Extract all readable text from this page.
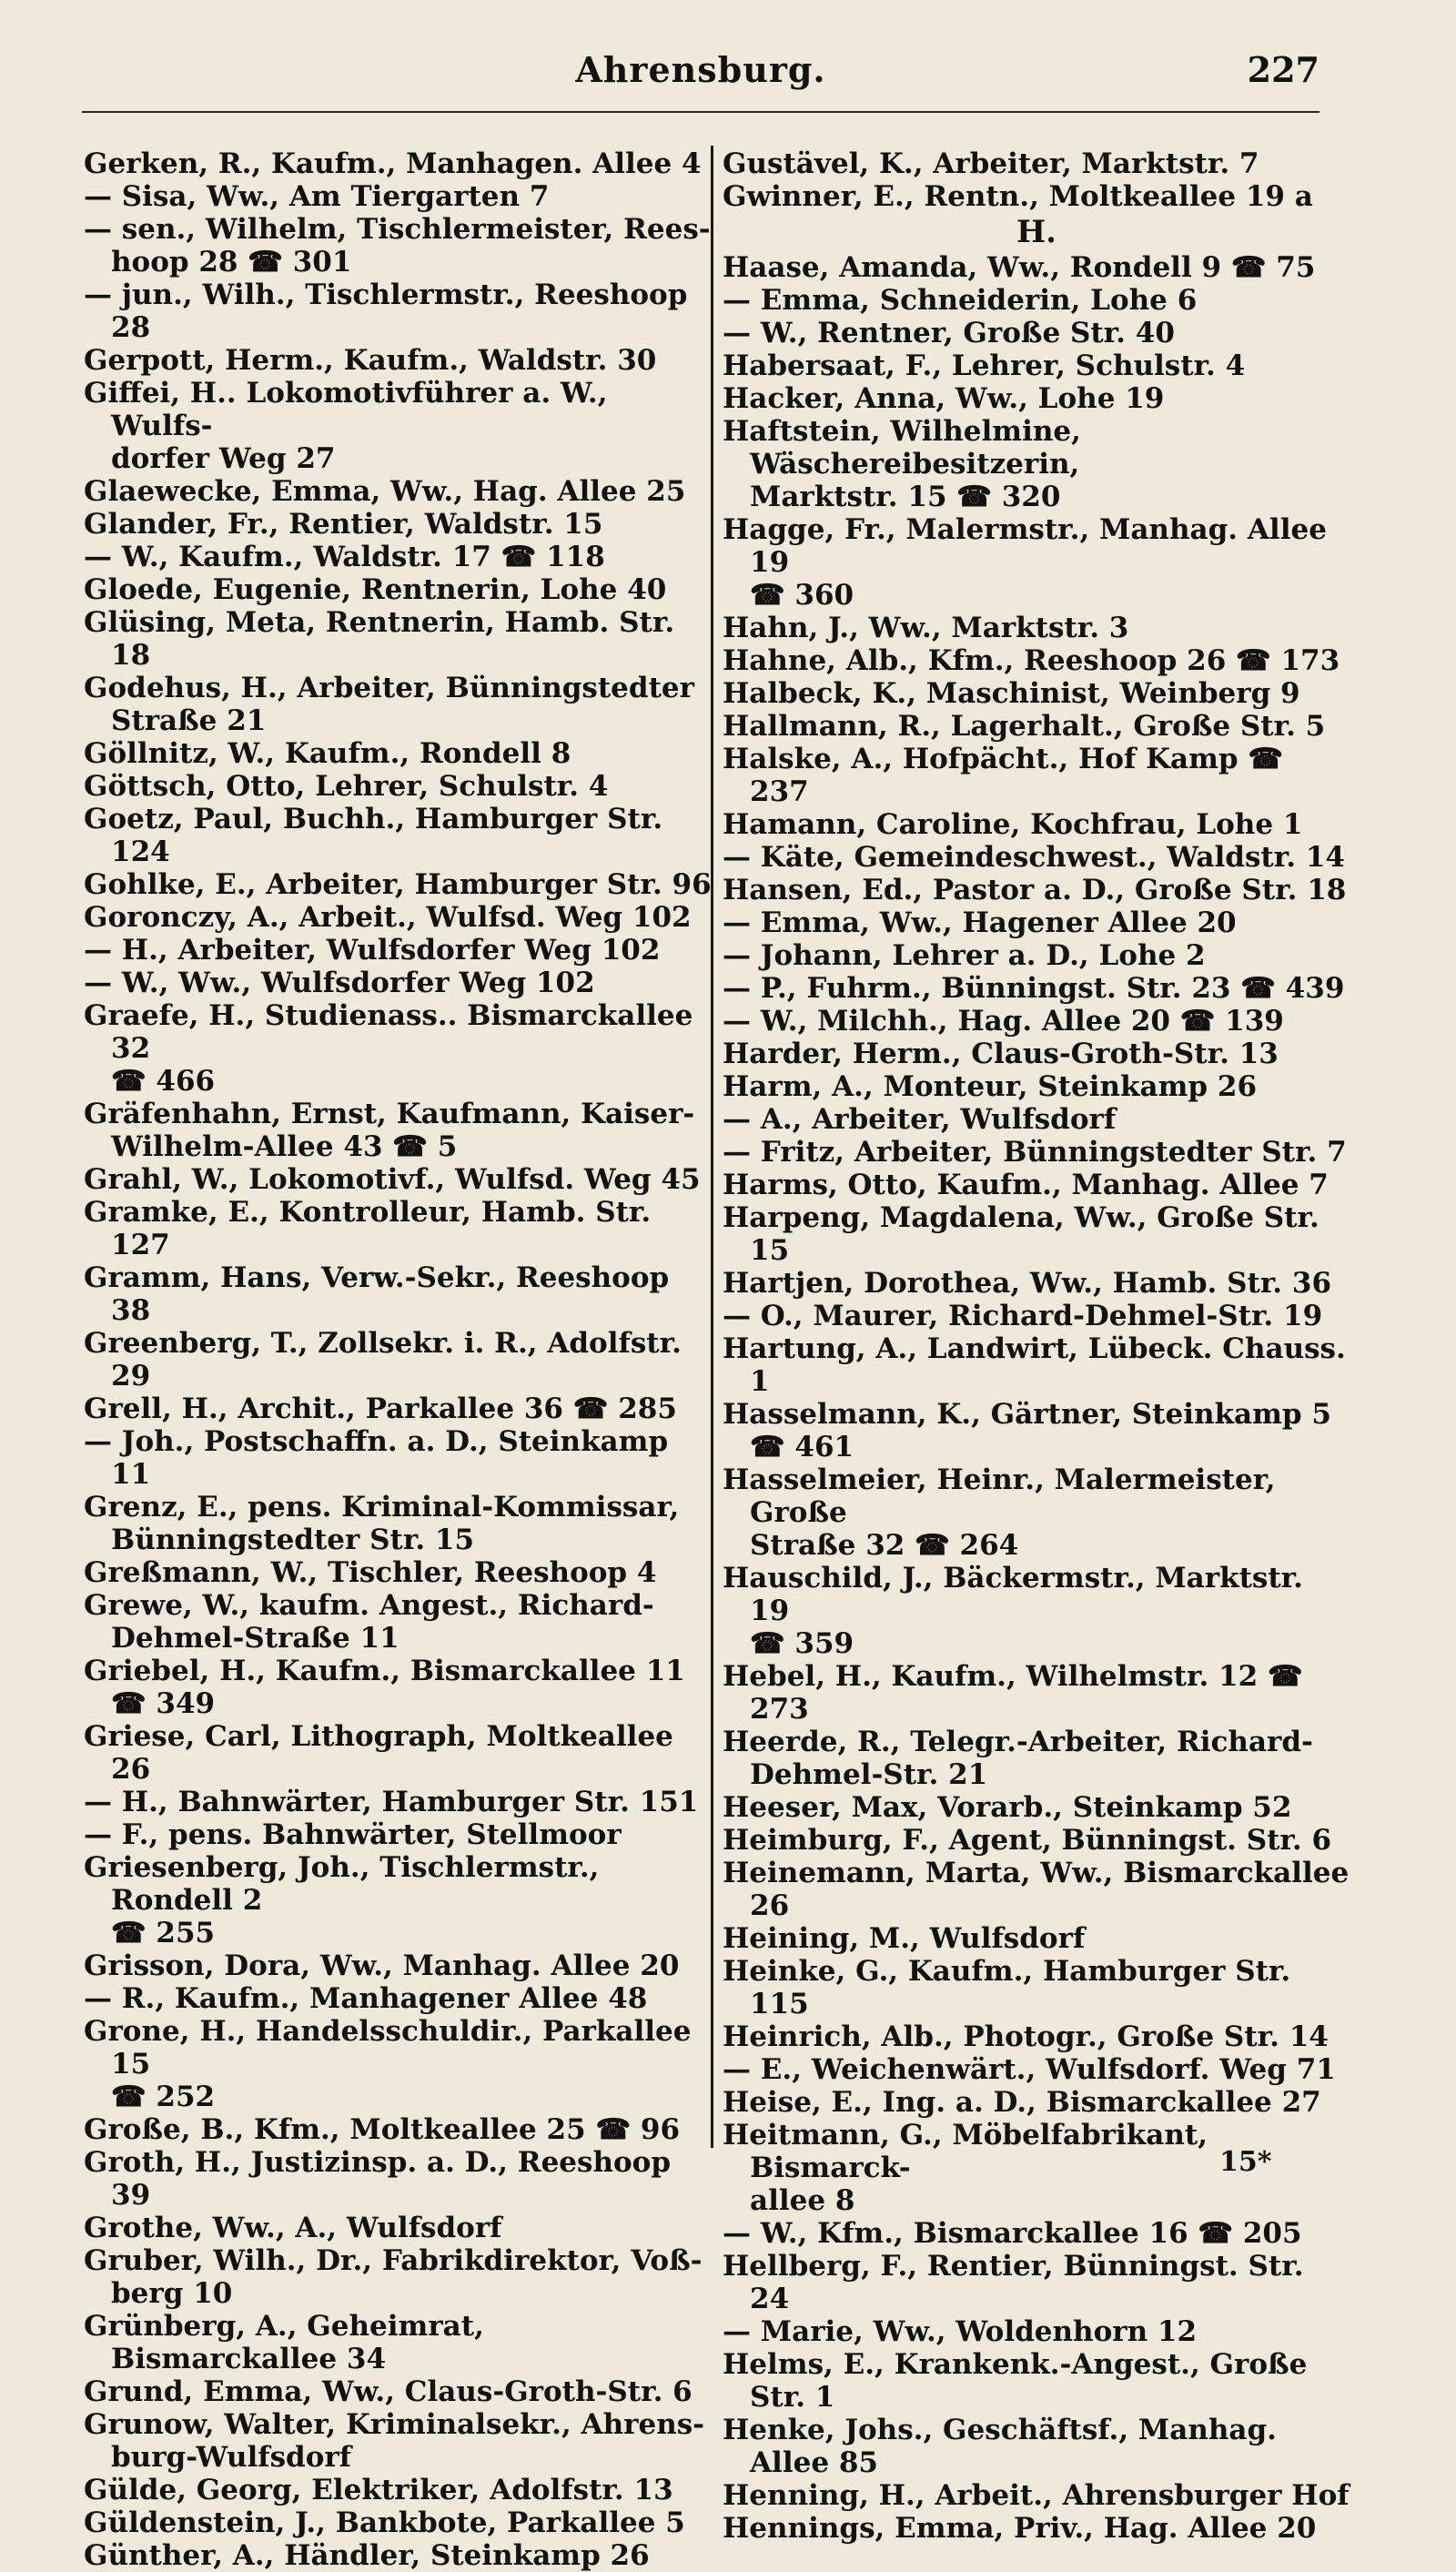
Ahrensburg.	227

Gerken, R., Kaufm., Manhagen. Allee 4

— Sisa, Ww., Am Tiergarten 7

— sen., Wilhelm, Tischlermeister, Rees-
hoop 28 ☎ 301

— jun., Wilh., Tischlermstr., Reeshoop 28

Gerpott, Herm., Kaufm., Waldstr. 30

Giffei, H.. Lokomotivführer a. W., Wulfs-
dorfer Weg 27

Glaewecke, Emma, Ww., Hag. Allee 25

Glander, Fr., Rentier, Waldstr. 15

— W., Kaufm., Waldstr. 17 ☎ 118

Gloede, Eugenie, Rentnerin, Lohe 40

Glüsing, Meta, Rentnerin, Hamb. Str. 18

Godehus, H., Arbeiter, Bünningstedter
Straße 21

Göllnitz, W., Kaufm., Rondell 8

Göttsch, Otto, Lehrer, Schulstr. 4

Goetz, Paul, Buchh., Hamburger Str. 124

Gohlke, E., Arbeiter, Hamburger Str. 96

Goronczy, A., Arbeit., Wulfsd. Weg 102

— H., Arbeiter, Wulfsdorfer Weg 102

— W., Ww., Wulfsdorfer Weg 102

Graefe, H., Studienass.. Bismarckallee 32
☎ 466

Gräfenhahn, Ernst, Kaufmann, Kaiser-
Wilhelm-Allee 43 ☎ 5

Grahl, W., Lokomotivf., Wulfsd. Weg 45

Gramke, E., Kontrolleur, Hamb. Str. 127

Gramm, Hans, Verw.-Sekr., Reeshoop 38

Greenberg, T., Zollsekr. i. R., Adolfstr. 29

Grell, H., Archit., Parkallee 36 ☎ 285

— Joh., Postschaffn. a. D., Steinkamp 11

Grenz, E., pens. Kriminal-Kommissar,
Bünningstedter Str. 15

Greßmann, W., Tischler, Reeshoop 4

Grewe, W., kaufm. Angest., Richard-
Dehmel-Straße 11

Griebel, H., Kaufm., Bismarckallee 11
☎ 349

Griese, Carl, Lithograph, Moltkeallee 26

— H., Bahnwärter, Hamburger Str. 151

— F., pens. Bahnwärter, Stellmoor

Griesenberg, Joh., Tischlermstr., Rondell 2
☎ 255

Grisson, Dora, Ww., Manhag. Allee 20

— R., Kaufm., Manhagener Allee 48

Grone, H., Handelsschuldir., Parkallee 15
☎ 252

Große, B., Kfm., Moltkeallee 25 ☎ 96

Groth, H., Justizinsp. a. D., Reeshoop 39

Grothe, Ww., A., Wulfsdorf

Gruber, Wilh., Dr., Fabrikdirektor, Voß-
berg 10

Grünberg, A., Geheimrat, Bismarckallee 34

Grund, Emma, Ww., Claus-Groth-Str. 6

Grunow, Walter, Kriminalsekr., Ahrens-
burg-Wulfsdorf

Gülde, Georg, Elektriker, Adolfstr. 13

Güldenstein, J., Bankbote, Parkallee 5

Günther, A., Händler, Steinkamp 26

Gustävel, K., Arbeiter, Marktstr. 7

Gwinner, E., Rentn., Moltkeallee 19 a

H.

Haase, Amanda, Ww., Rondell 9 ☎ 75

— Emma, Schneiderin, Lohe 6

— W., Rentner, Große Str. 40

Habersaat, F., Lehrer, Schulstr. 4

Hacker, Anna, Ww., Lohe 19

Haftstein, Wilhelmine, Wäschereibesitzerin,
Marktstr. 15 ☎ 320

Hagge, Fr., Malermstr., Manhag. Allee 19
☎ 360

Hahn, J., Ww., Marktstr. 3

Hahne, Alb., Kfm., Reeshoop 26 ☎ 173

Halbeck, K., Maschinist, Weinberg 9

Hallmann, R., Lagerhalt., Große Str. 5

Halske, A., Hofpächt., Hof Kamp ☎ 237

Hamann, Caroline, Kochfrau, Lohe 1

— Käte, Gemeindeschwest., Waldstr. 14

Hansen, Ed., Pastor a. D., Große Str. 18

— Emma, Ww., Hagener Allee 20

— Johann, Lehrer a. D., Lohe 2

— P., Fuhrm., Bünningst. Str. 23 ☎ 439

— W., Milchh., Hag. Allee 20 ☎ 139

Harder, Herm., Claus-Groth-Str. 13

Harm, A., Monteur, Steinkamp 26

— A., Arbeiter, Wulfsdorf

— Fritz, Arbeiter, Bünningstedter Str. 7

Harms, Otto, Kaufm., Manhag. Allee 7

Harpeng, Magdalena, Ww., Große Str. 15

Hartjen, Dorothea, Ww., Hamb. Str. 36

— O., Maurer, Richard-Dehmel-Str. 19

Hartung, A., Landwirt, Lübeck. Chauss. 1

Hasselmann, K., Gärtner, Steinkamp 5
☎ 461

Hasselmeier, Heinr., Malermeister, Große
Straße 32 ☎ 264

Hauschild, J., Bäckermstr., Marktstr. 19
☎ 359

Hebel, H., Kaufm., Wilhelmstr. 12 ☎ 273

Heerde, R., Telegr.-Arbeiter, Richard-
Dehmel-Str. 21

Heeser, Max, Vorarb., Steinkamp 52

Heimburg, F., Agent, Bünningst. Str. 6

Heinemann, Marta, Ww., Bismarckallee 26

Heining, M., Wulfsdorf

Heinke, G., Kaufm., Hamburger Str. 115

Heinrich, Alb., Photogr., Große Str. 14

— E., Weichenwärt., Wulfsdorf. Weg 71

Heise, E., Ing. a. D., Bismarckallee 27

Heitmann, G., Möbelfabrikant, Bismarck-
allee 8

— W., Kfm., Bismarckallee 16 ☎ 205

Hellberg, F., Rentier, Bünningst. Str. 24

— Marie, Ww., Woldenhorn 12

Helms, E., Krankenk.-Angest., Große Str. 1

Henke, Johs., Geschäftsf., Manhag. Allee 85

Henning, H., Arbeit., Ahrensburger Hof

Hennings, Emma, Priv., Hag. Allee 20

15*
